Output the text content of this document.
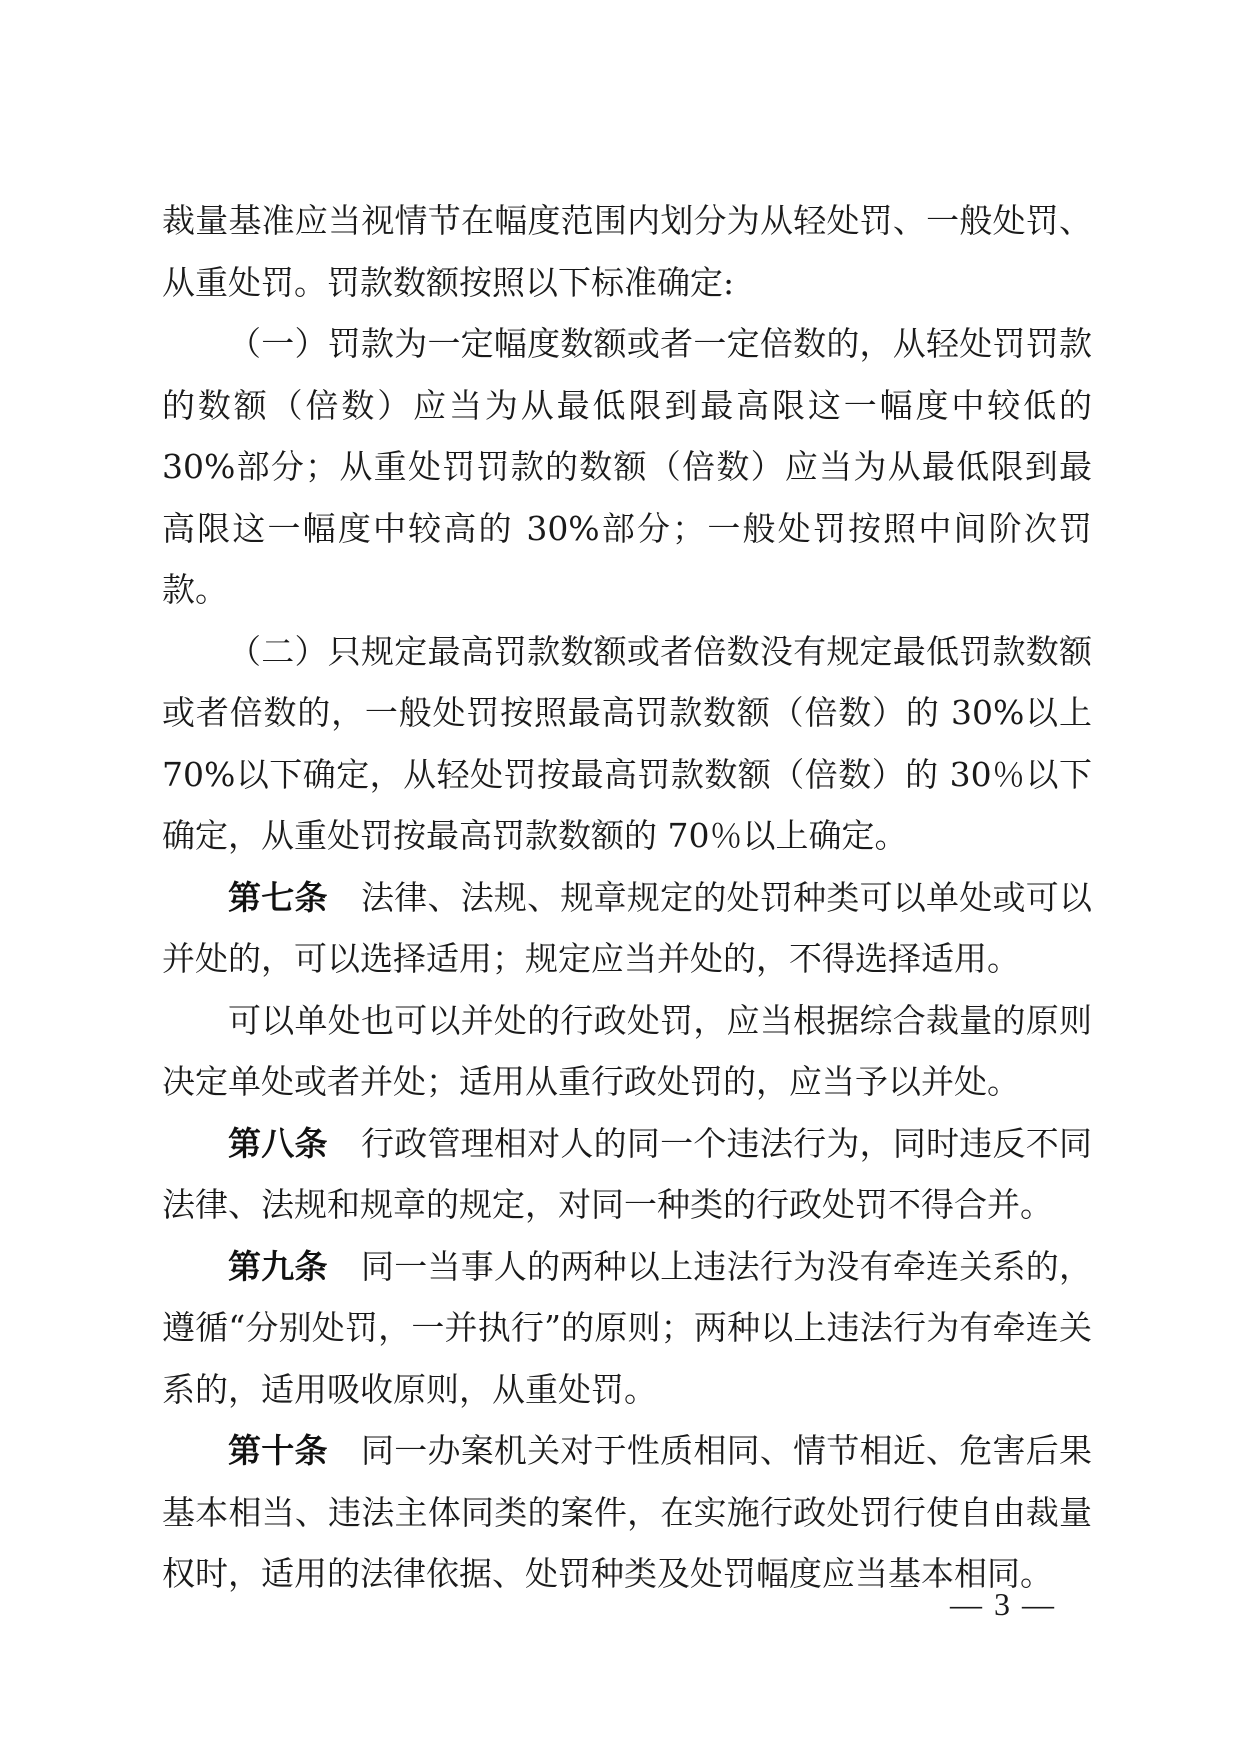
裁量基准应当视情节在幅度范围内划分为从轻处罚、一般处罚、从重处罚。罚款数额按照以下标准确定:

（一）罚款为一定幅度数额或者一定倍数的，从轻处罚罚款的数额（倍数）应当为从最低限到最高限这一幅度中较低的 30%部分；从重处罚罚款的数额（倍数）应当为从最低限到最高限这一幅度中较高的 30%部分；一般处罚按照中间阶次罚款。

（二）只规定最高罚款数额或者倍数没有规定最低罚款数额或者倍数的，一般处罚按照最高罚款数额（倍数）的 30%以上 70%以下确定，从轻处罚按最高罚款数额（倍数）的 30％以下确定，从重处罚按最高罚款数额的 70％以上确定。

第七条 法律、法规、规章规定的处罚种类可以单处或可以并处的，可以选择适用；规定应当并处的，不得选择适用。

可以单处也可以并处的行政处罚，应当根据综合裁量的原则决定单处或者并处；适用从重行政处罚的，应当予以并处。

第八条 行政管理相对人的同一个违法行为，同时违反不同法律、法规和规章的规定，对同一种类的行政处罚不得合并。

第九条 同一当事人的两种以上违法行为没有牵连关系的，遵循“分别处罚，一并执行”的原则；两种以上违法行为有牵连关系的，适用吸收原则，从重处罚。

第十条 同一办案机关对于性质相同、情节相近、危害后果基本相当、违法主体同类的案件，在实施行政处罚行使自由裁量权时，适用的法律依据、处罚种类及处罚幅度应当基本相同。

— 3 —
